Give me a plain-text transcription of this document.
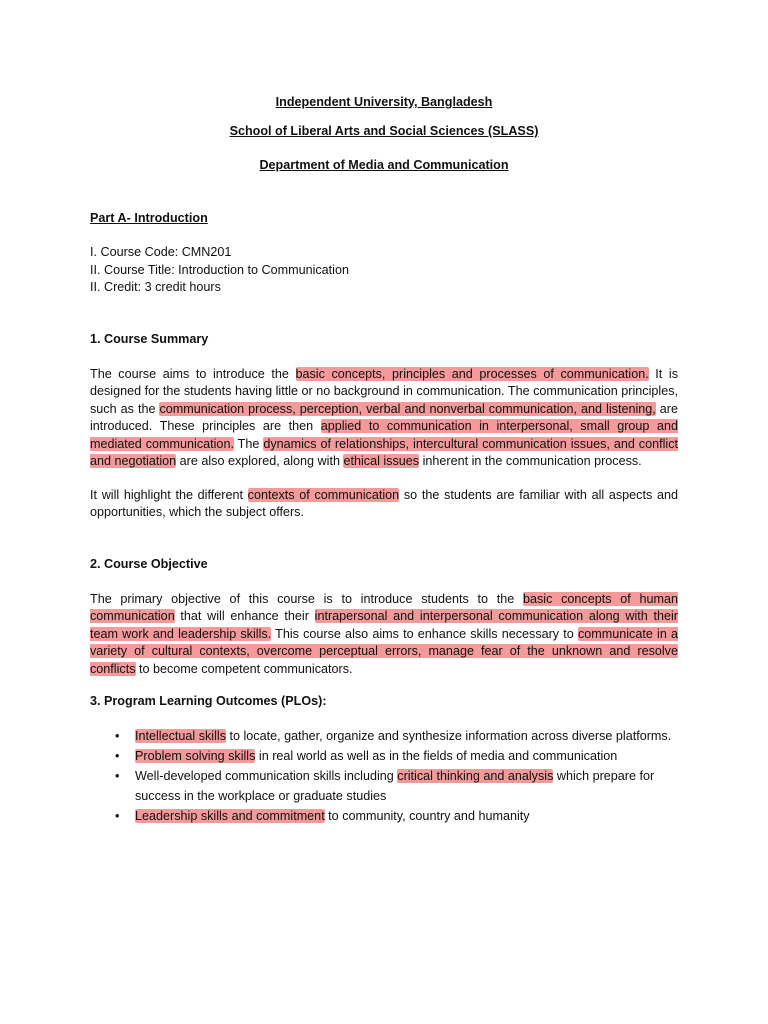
Independent University, Bangladesh

School of Liberal Arts and Social Sciences (SLASS)

Department of Media and Communication

Part A- Introduction

I. Course Code: CMN201

II. Course Title: Introduction to Communication

II. Credit: 3 credit hours

1. Course Summary

The course aims to introduce the basic concepts, principles and processes of communication. It is designed for the students having little or no background in communication. The communication principles, such as the communication process, perception, verbal and nonverbal communication, and listening, are introduced. These principles are then applied to communication in interpersonal, small group and mediated communication. The dynamics of relationships, intercultural communication issues, and conflict and negotiation are also explored, along with ethical issues inherent in the communication process.

It will highlight the different contexts of communication so the students are familiar with all aspects and opportunities, which the subject offers.

2. Course Objective

The primary objective of this course is to introduce students to the basic concepts of human communication that will enhance their intrapersonal and interpersonal communication along with their team work and leadership skills. This course also aims to enhance skills necessary to communicate in a variety of cultural contexts, overcome perceptual errors, manage fear of the unknown and resolve conflicts to become competent communicators.

3. Program Learning Outcomes (PLOs):

• Intellectual skills to locate, gather, organize and synthesize information across diverse platforms.
• Problem solving skills in real world as well as in the fields of media and communication
• Well-developed communication skills including critical thinking and analysis which prepare for success in the workplace or graduate studies
• Leadership skills and commitment to community, country and humanity
